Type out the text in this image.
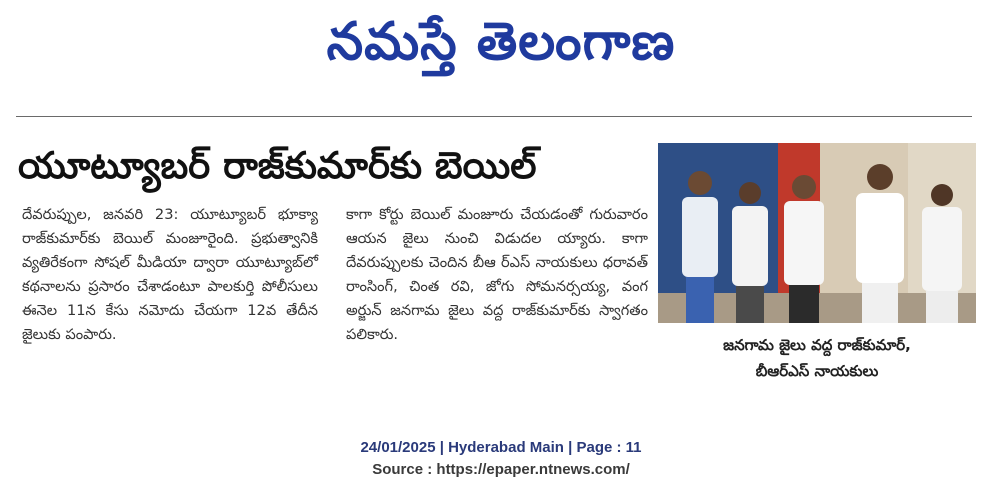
నమస్తే తెలంగాణ
యూట్యూబర్ రాజ్‌కుమార్‌కు బెయిల్

దేవరుప్పుల, జనవరి 23: యూట్యూబర్ భూక్యా రాజ్‌కుమార్‌కు బెయిల్ మంజూరైంది. ప్రభుత్వానికి వ్యతిరేకంగా సోషల్ మీడియా ద్వారా యూట్యూబ్‌లో కథనాలను ప్రసారం చేశాడంటూ పాలకుర్తి పోలీసులు ఈనెల 11న కేసు నమోదు చేయగా 12వ తేదీన జైలుకు పంపారు.

కాగా కోర్టు బెయిల్ మంజూరు చేయడంతో గురువారం ఆయన జైలు నుంచి విడుదల య్యారు. కాగా దేవరుప్పులకు చెందిన బీఆ ర్ఎస్ నాయకులు ధరావత్ రాంసింగ్, చింత రవి, జోగు సోమనర్సయ్య, వంగ అర్జున్ జనగామ జైలు వద్ద రాజ్‌కుమార్‌కు స్వాగతం పలికారు.

జనగామ జైలు వద్ద రాజ్‌కుమార్,
బీఆర్ఎస్ నాయకులు
24/01/2025 | Hyderabad Main | Page : 11
Source : https://epaper.ntnews.com/
